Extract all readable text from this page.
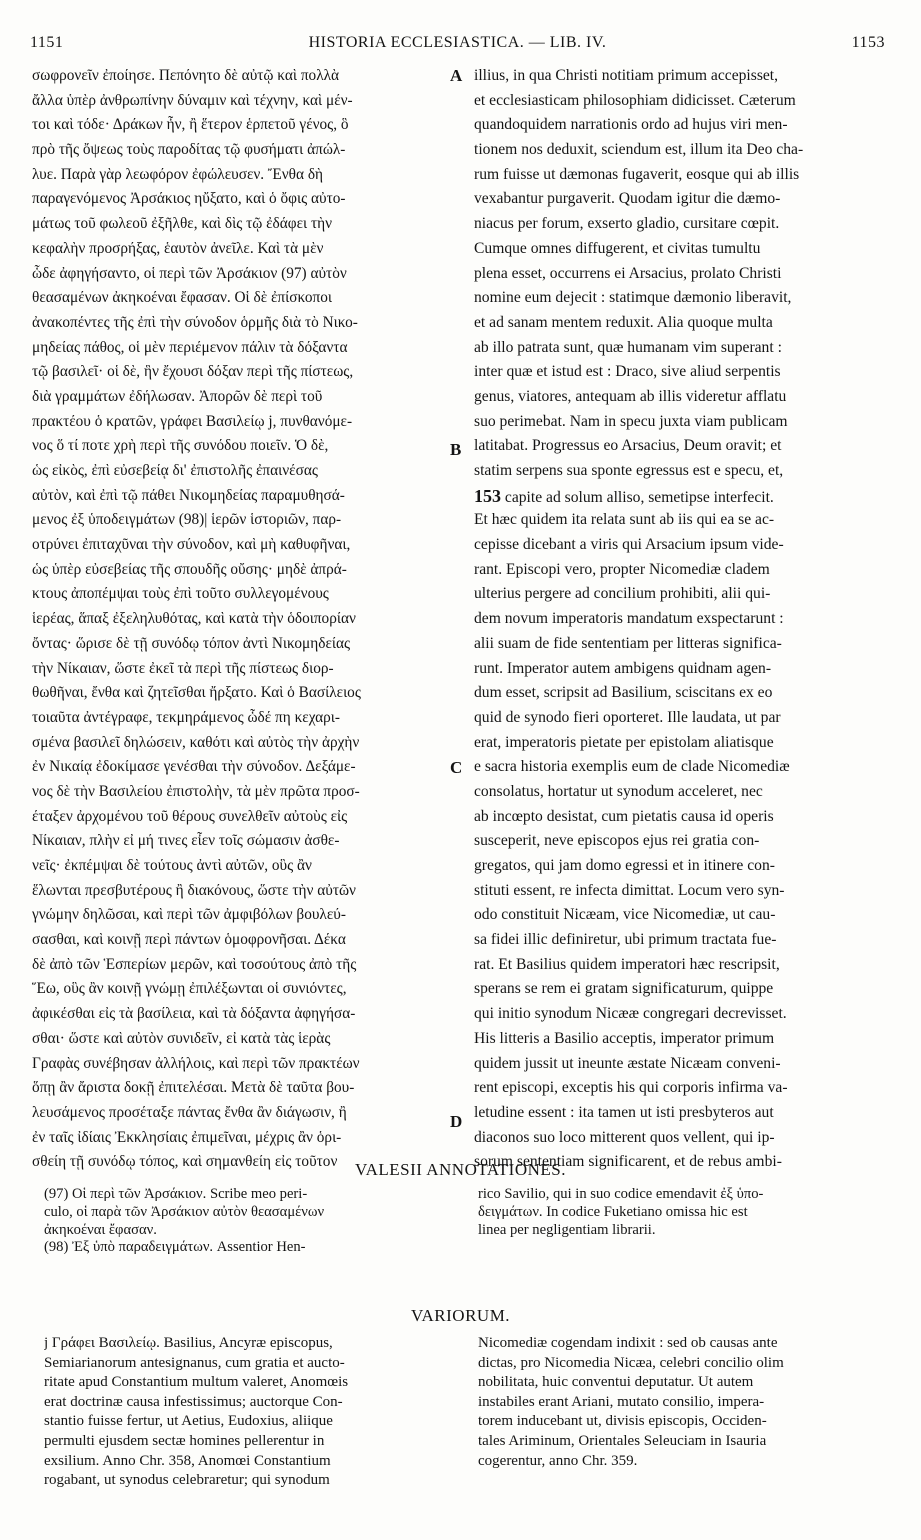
1151	HISTORIA ECCLESIASTICA. — LIB. IV.	1153
σωφρονεῖν ἐποίησε. Πεπόνητο δὲ αὐτῷ καὶ πολλὰ
ἄλλα ὑπὲρ ἀνθρωπίνην δύναμιν καὶ τέχνην, καὶ μέν-
τοι καὶ τόδε· Δράκων ἦν, ἢ ἕτερον ἑρπετοῦ γένος, ὃ
πρὸ τῆς ὄψεως τοὺς παροδίτας τῷ φυσήματι ἀπώλ-
λυε. Παρὰ γὰρ λεωφόρον ἐφώλευσεν. Ἔνθα δὴ
παραγενόμενος Ἀρσάκιος ηὔξατο, καὶ ὁ ὄφις αὐτο-
μάτως τοῦ φωλεοῦ ἐξῆλθε, καὶ δὶς τῷ ἐδάφει τὴν
κεφαλὴν προσρήξας, ἑαυτὸν ἀνεῖλε. Καὶ τὰ μὲν
ὧδε ἀφηγήσαντο, οἱ περὶ τῶν Ἀρσάκιον (97) αὐτὸν
θεασαμένων ἀκηκοέναι ἔφασαν. Οἱ δὲ ἐπίσκοποι
ἀνακοπέντες τῆς ἐπὶ τὴν σύνοδον ὁρμῆς διὰ τὸ Νικο-
μηδείας πάθος, οἱ μὲν περιέμενον πάλιν τὰ δόξαντα
τῷ βασιλεῖ· οἱ δὲ, ἣν ἔχουσι δόξαν περὶ τῆς πίστεως,
διὰ γραμμάτων ἐδήλωσαν. Ἀπορῶν δὲ περὶ τοῦ
πρακτέου ὁ κρατῶν, γράφει Βασιλείῳ j, πυνθανόμε-
νος ὅ τί ποτε χρὴ περὶ τῆς συνόδου ποιεῖν. Ὁ δὲ,
ὡς εἰκὸς, ἐπὶ εὐσεβείᾳ δι' ἐπιστολῆς ἐπαινέσας
αὐτὸν, καὶ ἐπὶ τῷ πάθει Νικομηδείας παραμυθησά-
μενος ἐξ ὑποδειγμάτων (98)| ἱερῶν ἱστοριῶν, παρ-
οτρύνει ἐπιταχῦναι τὴν σύνοδον, καὶ μὴ καθυφῆναι,
ὡς ὑπὲρ εὐσεβείας τῆς σπουδῆς οὔσης· μηδὲ ἀπρά-
κτους ἀποπέμψαι τοὺς ἐπὶ τοῦτο συλλεγομένους
ἱερέας, ἅπαξ ἐξεληλυθότας, καὶ κατὰ τὴν ὁδοιπορίαν
ὄντας· ὥρισε δὲ τῇ συνόδῳ τόπον ἀντὶ Νικομηδείας
τὴν Νίκαιαν, ὥστε ἐκεῖ τὰ περὶ τῆς πίστεως διορ-
θωθῆναι, ἔνθα καὶ ζητεῖσθαι ἤρξατο. Καὶ ὁ Βασίλειος
τοιαῦτα ἀντέγραφε, τεκμηράμενος ὧδέ πη κεχαρι-
σμένα βασιλεῖ δηλώσειν, καθότι καὶ αὐτὸς τὴν ἀρχὴν
ἐν Νικαίᾳ ἐδοκίμασε γενέσθαι τὴν σύνοδον. Δεξάμε-
νος δὲ τὴν Βασιλείου ἐπιστολὴν, τὰ μὲν πρῶτα προσ-
έταξεν ἀρχομένου τοῦ θέρους συνελθεῖν αὐτοὺς εἰς
Νίκαιαν, πλὴν εἰ μή τινες εἶεν τοῖς σώμασιν ἀσθε-
νεῖς· ἐκπέμψαι δὲ τούτους ἀντὶ αὐτῶν, οὓς ἂν
ἕλωνται πρεσβυτέρους ἢ διακόνους, ὥστε τὴν αὐτῶν
γνώμην δηλῶσαι, καὶ περὶ τῶν ἀμφιβόλων βουλεύ-
σασθαι, καὶ κοινῇ περὶ πάντων ὁμοφρονῆσαι. Δέκα
δὲ ἀπὸ τῶν Ἑσπερίων μερῶν, καὶ τοσούτους ἀπὸ τῆς
Ἕω, οὓς ἂν κοινῇ γνώμῃ ἐπιλέξωνται οἱ συνιόντες,
ἀφικέσθαι εἰς τὰ βασίλεια, καὶ τὰ δόξαντα ἀφηγήσα-
σθαι· ὥστε καὶ αὐτὸν συνιδεῖν, εἰ κατὰ τὰς ἱερὰς
Γραφὰς συνέβησαν ἀλλήλοις, καὶ περὶ τῶν πρακτέων
ὅπῃ ἂν ἄριστα δοκῇ ἐπιτελέσαι. Μετὰ δὲ ταῦτα βου-
λευσάμενος προσέταξε πάντας ἔνθα ἂν διάγωσιν, ἢ
ἐν ταῖς ἰδίαις Ἐκκλησίαις ἐπιμεῖναι, μέχρις ἂν ὁρι-
σθείη τῇ συνόδῳ τόπος, καὶ σημανθείη εἰς τοῦτον
illius, in qua Christi notitiam primum accepisset,
et ecclesiasticam philosophiam didicisset. Cæterum
quandoquidem narrationis ordo ad hujus viri men-
tionem nos deduxit, sciendum est, illum ita Deo cha-
rum fuisse ut dæmonas fugaverit, eosque qui ab illis
vexabantur purgaverit. Quodam igitur die dæmo-
niacus per forum, exserto gladio, cursitare cœpit.
Cumque omnes diffugerent, et civitas tumultu
plena esset, occurrens ei Arsacius, prolato Christi
nomine eum dejecit : statimque dæmonio liberavit,
et ad sanam mentem reduxit. Alia quoque multa
ab illo patrata sunt, quæ humanam vim superant :
inter quæ et istud est : Draco, sive aliud serpentis
genus, viatores, antequam ab illis videretur afflatu
suo perimebat. Nam in specu juxta viam publicam
latitabat. Progressus eo Arsacius, Deum oravit; et
statim serpens sua sponte egressus est e specu, et,
153 capite ad solum alliso, semetipse interfecit.
Et hæc quidem ita relata sunt ab iis qui ea se ac-
cepisse dicebant a viris qui Arsacium ipsum vide-
rant. Episcopi vero, propter Nicomediæ cladem
ulterius pergere ad concilium prohibiti, alii qui-
dem novum imperatoris mandatum exspectarunt :
alii suam de fide sententiam per litteras significa-
runt. Imperator autem ambigens quidnam agen-
dum esset, scripsit ad Basilium, sciscitans ex eo
quid de synodo fieri oporteret. Ille laudata, ut par
erat, imperatoris pietate per epistolam aliatisque
e sacra historia exemplis eum de clade Nicomediæ
consolatus, hortatur ut synodum acceleret, nec
ab incœpto desistat, cum pietatis causa id operis
susceperit, neve episcopos ejus rei gratia con-
gregatos, qui jam domo egressi et in itinere con-
stituti essent, re infecta dimittat. Locum vero syn-
odo constituit Nicæam, vice Nicomediæ, ut cau-
sa fidei illic definiretur, ubi primum tractata fue-
rat. Et Basilius quidem imperatori hæc rescripsit,
sperans se rem ei gratam significaturum, quippe
qui initio synodum Nicææ congregari decrevisset.
His litteris a Basilio acceptis, imperator primum
quidem jussit ut ineunte æstate Nicæam conveni-
rent episcopi, exceptis his qui corporis infirma va-
letudine essent : ita tamen ut isti presbyteros aut
diaconos suo loco mitterent quos vellent, qui ip-
sorum sententiam significarent, et de rebus ambi-
A
B
C
D
VALESII ANNOTATIONES.
(97) Οἱ περὶ τῶν Ἀρσάκιον. Scribe meo peri-
culo, οἱ παρὰ τῶν Ἀρσάκιον αὐτὸν θεασαμένων
ἀκηκοέναι ἔφασαν.
(98) Ἐξ ὑπὸ παραδειγμάτων. Assentior Hen-
rico Savilio, qui in suo codice emendavit ἐξ ὑπο-
δειγμάτων. In codice Fuketiano omissa hic est
linea per negligentiam librarii.
VARIORUM.
j Γράφει Βασιλείῳ. Basilius, Ancyræ episcopus,
Semiarianorum antesignanus, cum gratia et aucto-
ritate apud Constantium multum valeret, Anomœis
erat doctrinæ causa infestissimus; auctorque Con-
stantio fuisse fertur, ut Aetius, Eudoxius, aliique
permulti ejusdem sectæ homines pellerentur in
exsilium. Anno Chr. 358, Anomœi Constantium
rogabant, ut synodus celebraretur; qui synodum
Nicomediæ cogendam indixit : sed ob causas ante
dictas, pro Nicomedia Nicæa, celebri concilio olim
nobilitata, huic conventui deputatur. Ut autem
instabiles erant Ariani, mutato consilio, impera-
torem inducebant ut, divisis episcopis, Occiden-
tales Ariminum, Orientales Seleuciam in Isauria
cogerentur, anno Chr. 359.
